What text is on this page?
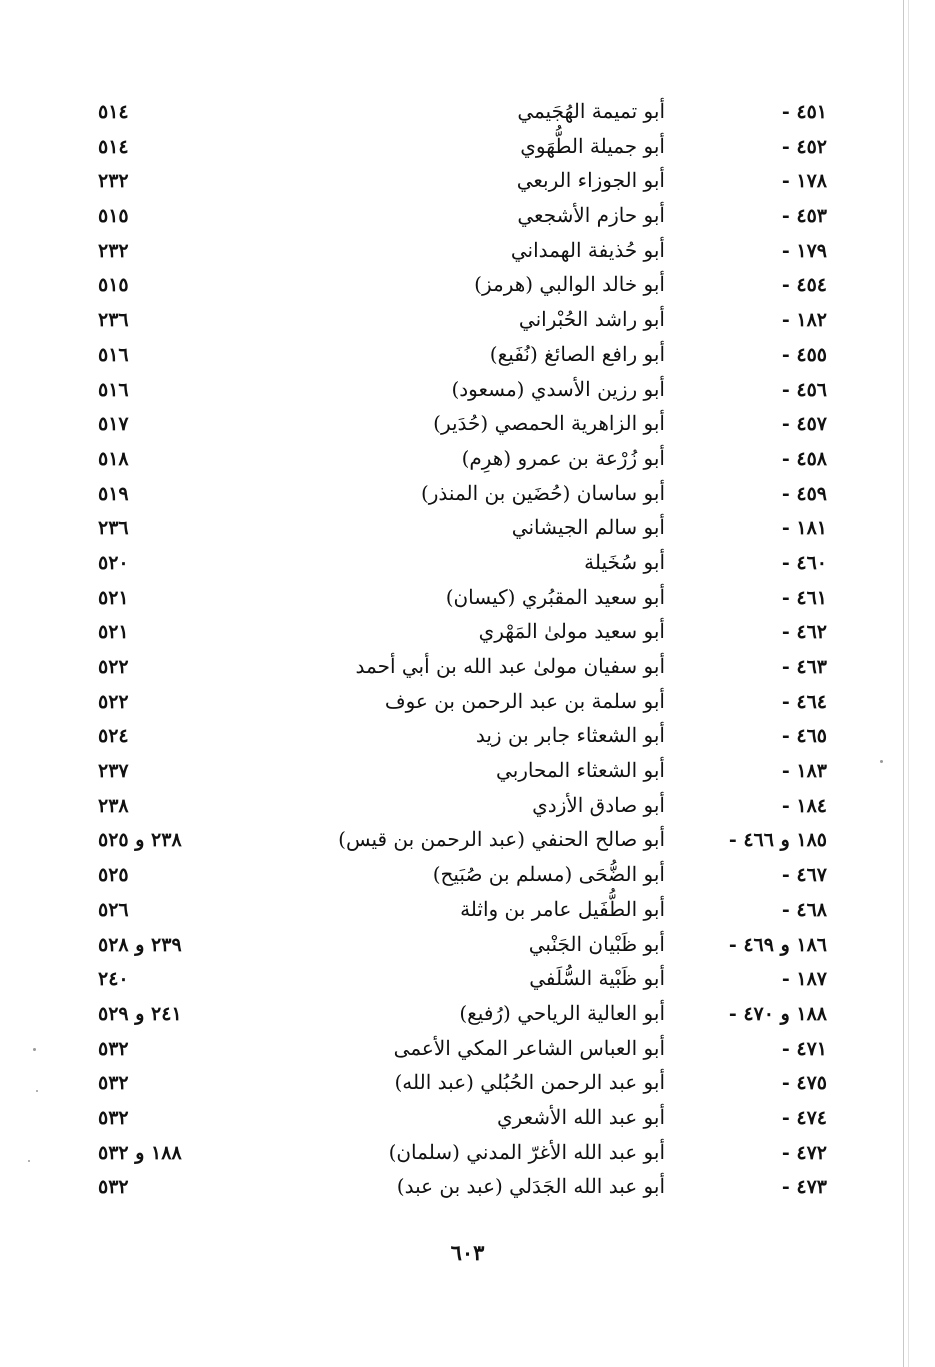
٤٥١ -
أبو تميمة الهُجَيمي
٥١٤
٤٥٢ -
أبو جميلة الطُّهَوي
٥١٤
١٧٨ -
أبو الجوزاء الربعي
٢٣٢
٤٥٣ -
أبو حازم الأشجعي
٥١٥
١٧٩ -
أبو حُذيفة الهمداني
٢٣٢
٤٥٤ -
أبو خالد الوالبي (هرمز)
٥١٥
١٨٢ -
أبو راشد الحُبْراني
٢٣٦
٤٥٥ -
أبو رافع الصائغ (نُفَيع)
٥١٦
٤٥٦ -
أبو رزين الأسدي (مسعود)
٥١٦
٤٥٧ -
أبو الزاهرية الحمصي (حُدَير)
٥١٧
٤٥٨ -
أبو زُرْعة بن عمرو (هرِم)
٥١٨
٤٥٩ -
أبو ساسان (حُضَين بن المنذر)
٥١٩
١٨١ -
أبو سالم الجيشاني
٢٣٦
٤٦٠ -
أبو سُخَيلة
٥٢٠
٤٦١ -
أبو سعيد المقبُري (كيسان)
٥٢١
٤٦٢ -
أبو سعيد مولىٰ المَهْري
٥٢١
٤٦٣ -
أبو سفيان مولىٰ عبد الله بن أبي أحمد
٥٢٢
٤٦٤ -
أبو سلمة بن عبد الرحمن بن عوف
٥٢٢
٤٦٥ -
أبو الشعثاء جابر بن زيد
٥٢٤
١٨٣ -
أبو الشعثاء المحاربي
٢٣٧
١٨٤ -
أبو صادق الأزدي
٢٣٨
١٨٥ و ٤٦٦ -
أبو صالح الحنفي (عبد الرحمن بن قيس)
٢٣٨ و ٥٢٥
٤٦٧ -
أبو الضُّحَى (مسلم بن صُبَيح)
٥٢٥
٤٦٨ -
أبو الطُّفَيل عامر بن واثلة
٥٢٦
١٨٦ و ٤٦٩ -
أبو ظَبْيان الجَنْبي
٢٣٩ و ٥٢٨
١٨٧ -
أبو ظَبْية السُّلَفي
٢٤٠
١٨٨ و ٤٧٠ -
أبو العالية الرياحي (رُفيع)
٢٤١ و ٥٢٩
٤٧١ -
أبو العباس الشاعر المكي الأعمى
٥٣٢
٤٧٥ -
أبو عبد الرحمن الحُبُلي (عبد الله)
٥٣٢
٤٧٤ -
أبو عبد الله الأشعري
٥٣٢
٤٧٢ -
أبو عبد الله الأغرّ المدني (سلمان)
١٨٨ و ٥٣٢
٤٧٣ -
أبو عبد الله الجَدَلي (عبد بن عبد)
٥٣٢
٦٠٣
